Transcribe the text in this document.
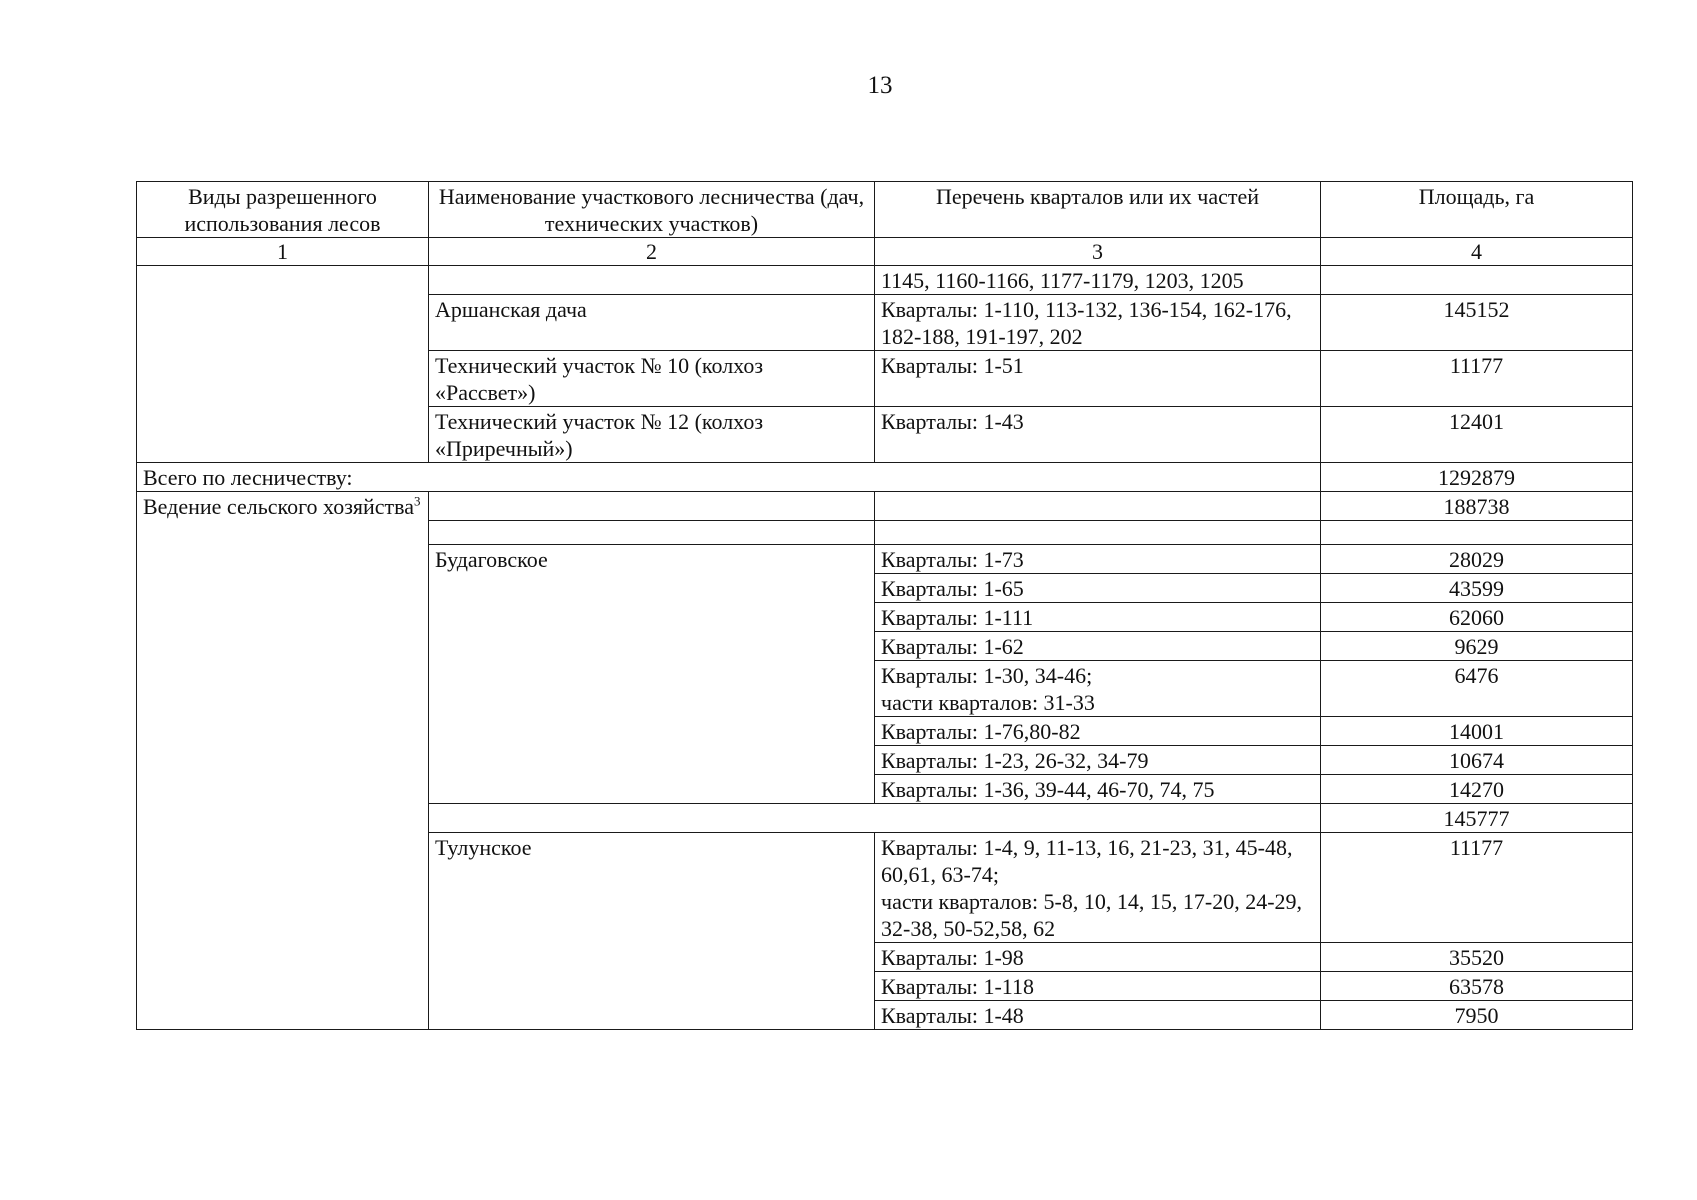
13
Виды разрешенного использования лесов	Наименование участкового лесничества (дач, технических участков)	Перечень кварталов или их частей	Площадь, га
1	2	3	4
		1145, 1160-1166, 1177-1179, 1203, 1205	
	Аршанская дача	Кварталы: 1-110, 113-132, 136-154, 162-176, 182-188, 191-197, 202	145152
	Технический участок № 10 (колхоз «Рассвет»)	Кварталы: 1-51	11177
	Технический участок № 12 (колхоз «Приречный»)	Кварталы: 1-43	12401
Всего по лесничеству:			1292879
Ведение сельского хозяйства$^3$			188738

	Будаговское	Кварталы: 1-73	28029
		Кварталы: 1-65	43599
		Кварталы: 1-111	62060
		Кварталы: 1-62	9629

		Кварталы: 1-30, 34-46;
части кварталов: 31-33	6476
		Кварталы: 1-76,80-82	14001
		Кварталы: 1-23, 26-32, 34-79	10674
		Кварталы: 1-36, 39-44, 46-70, 74, 75	14270
			145777
	Тулунское	Кварталы: 1-4, 9, 11-13, 16, 21-23, 31, 45-48, 60,61, 63-74;
части кварталов: 5-8, 10, 14, 15, 17-20, 24-29, 32-38, 50-52,58, 62	11177
		Кварталы: 1-98	35520
		Кварталы: 1-118	63578
		Кварталы: 1-48	7950
